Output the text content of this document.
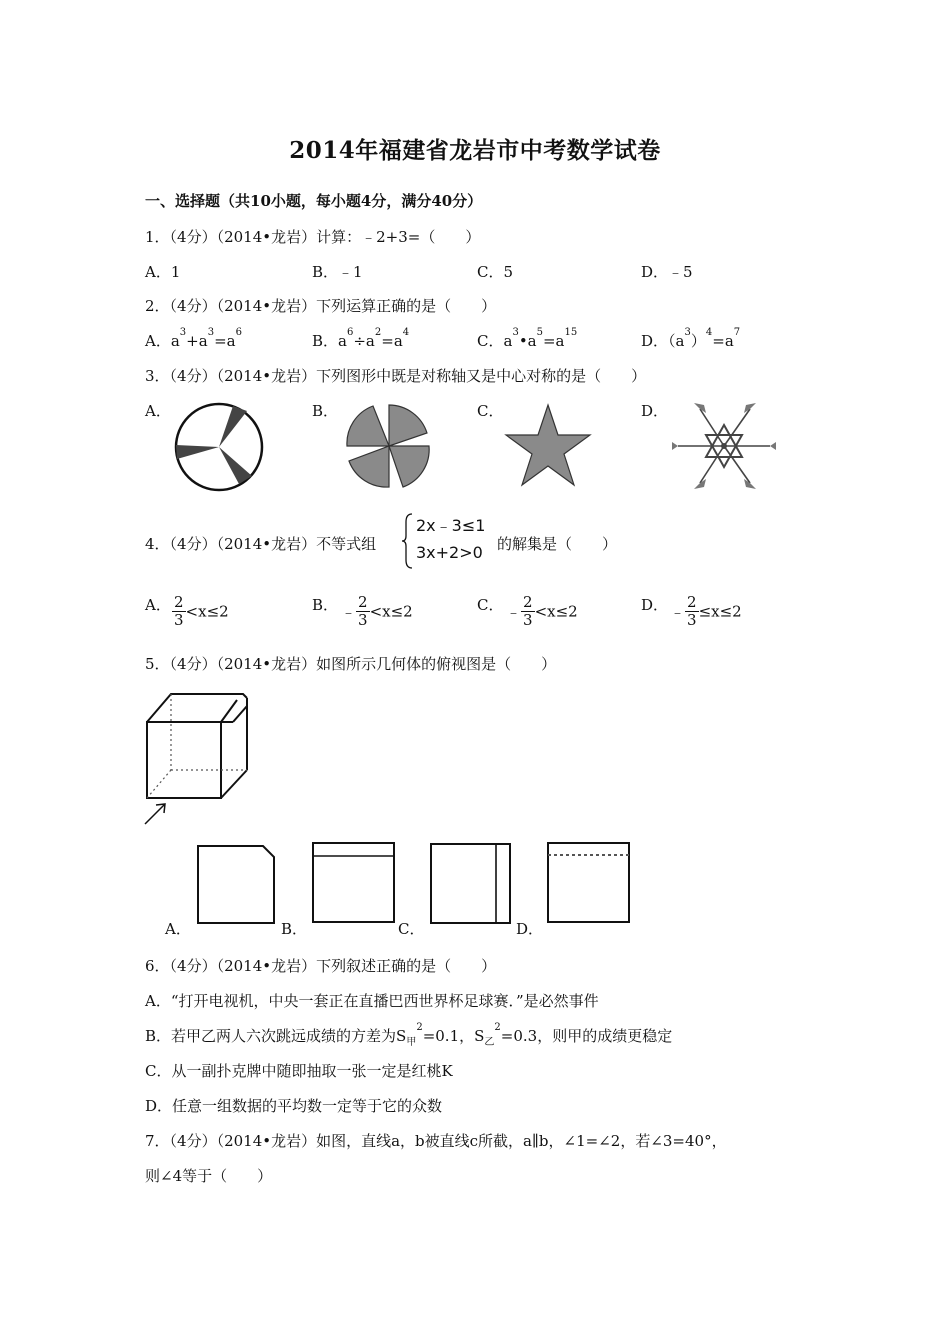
2014年福建省龙岩市中考数学试卷
一、选择题（共10小题，每小题4分，满分40分）
1．（4分）（2014•龙岩）计算：﹣2+3=（　　）
A．1	B．﹣1	C．5	D．﹣5
2．（4分）（2014•龙岩）下列运算正确的是（　　）
A．$a^3+a^3=a^6$	B．$a^6\div a^2=a^4$	C．$a^3•a^5=a^{15}$	D．$(a^3)^4=a^7$
3．（4分）（2014•龙岩）下列图形中既是对称轴又是中心对称的是（　　）
A．	B．	C．	D．
4．（4分）（2014•龙岩）不等式组
2x﹣3≤1
3x+2>0 的解集是（　　）
A． $\frac{2}{3} <x\le 2$	B． ﹣ $\frac{2}{3} <x\le 2$	C． ﹣ $\frac{2}{3} <x\le 2$	D． ﹣ $\frac{2}{3} \le x\le 2$
5．（4分）（2014•龙岩）如图所示几何体的俯视图是（　　）
A．	B．	C．	D．
6．（4分）（2014•龙岩）下列叙述正确的是（　　）
A．“打开电视机，中央一套正在直播巴西世界杯足球赛．”是必然事件
B．若甲乙两人六次跳远成绩的方差为$S_甲^2=0.1$，$S_乙^2=0.3$，则甲的成绩更稳定
C．从一副扑克牌中随即抽取一张一定是红桃K
D．任意一组数据的平均数一定等于它的众数
7．（4分）（2014•龙岩）如图，直线a，b被直线c所截，a∥b，∠1=∠2，若∠3=40°，
则∠4等于（　　）
